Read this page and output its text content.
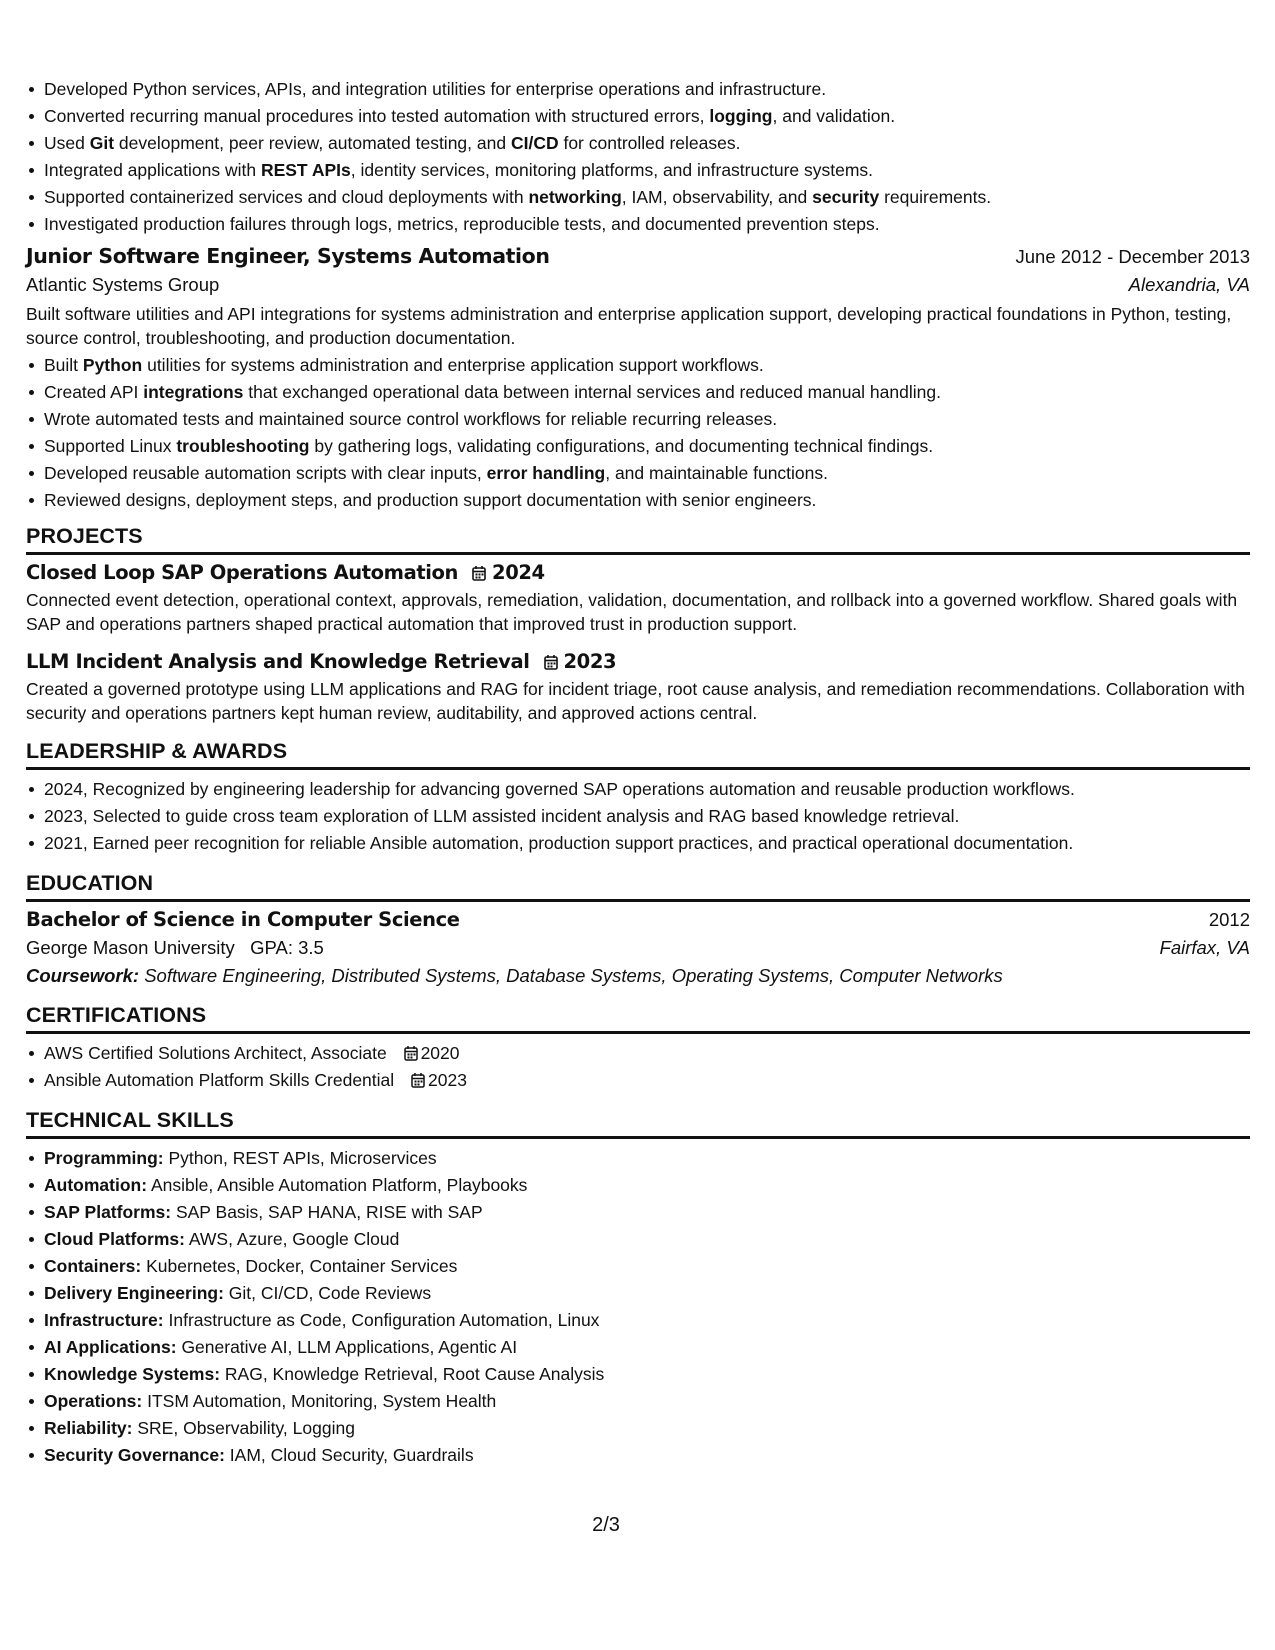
Developed Python services, APIs, and integration utilities for enterprise operations and infrastructure.
Converted recurring manual procedures into tested automation with structured errors, logging, and validation.
Used Git development, peer review, automated testing, and CI/CD for controlled releases.
Integrated applications with REST APIs, identity services, monitoring platforms, and infrastructure systems.
Supported containerized services and cloud deployments with networking, IAM, observability, and security requirements.
Investigated production failures through logs, metrics, reproducible tests, and documented prevention steps.
Junior Software Engineer, Systems Automation	June 2012 - December 2013
Atlantic Systems Group	Alexandria, VA
Built software utilities and API integrations for systems administration and enterprise application support, developing practical foundations in Python, testing, source control, troubleshooting, and production documentation.
Built Python utilities for systems administration and enterprise application support workflows.
Created API integrations that exchanged operational data between internal services and reduced manual handling.
Wrote automated tests and maintained source control workflows for reliable recurring releases.
Supported Linux troubleshooting by gathering logs, validating configurations, and documenting technical findings.
Developed reusable automation scripts with clear inputs, error handling, and maintainable functions.
Reviewed designs, deployment steps, and production support documentation with senior engineers.
PROJECTS
Closed Loop SAP Operations Automation 2024
Connected event detection, operational context, approvals, remediation, validation, documentation, and rollback into a governed workflow. Shared goals with SAP and operations partners shaped practical automation that improved trust in production support.
LLM Incident Analysis and Knowledge Retrieval 2023
Created a governed prototype using LLM applications and RAG for incident triage, root cause analysis, and remediation recommendations. Collaboration with security and operations partners kept human review, auditability, and approved actions central.
LEADERSHIP & AWARDS
2024, Recognized by engineering leadership for advancing governed SAP operations automation and reusable production workflows.
2023, Selected to guide cross team exploration of LLM assisted incident analysis and RAG based knowledge retrieval.
2021, Earned peer recognition for reliable Ansible automation, production support practices, and practical operational documentation.
EDUCATION
Bachelor of Science in Computer Science	2012
George Mason University GPA: 3.5	Fairfax, VA
Coursework: Software Engineering, Distributed Systems, Database Systems, Operating Systems, Computer Networks
CERTIFICATIONS
AWS Certified Solutions Architect, Associate 2020
Ansible Automation Platform Skills Credential 2023
TECHNICAL SKILLS
Programming: Python, REST APIs, Microservices
Automation: Ansible, Ansible Automation Platform, Playbooks
SAP Platforms: SAP Basis, SAP HANA, RISE with SAP
Cloud Platforms: AWS, Azure, Google Cloud
Containers: Kubernetes, Docker, Container Services
Delivery Engineering: Git, CI/CD, Code Reviews
Infrastructure: Infrastructure as Code, Configuration Automation, Linux
AI Applications: Generative AI, LLM Applications, Agentic AI
Knowledge Systems: RAG, Knowledge Retrieval, Root Cause Analysis
Operations: ITSM Automation, Monitoring, System Health
Reliability: SRE, Observability, Logging
Security Governance: IAM, Cloud Security, Guardrails
2/3
